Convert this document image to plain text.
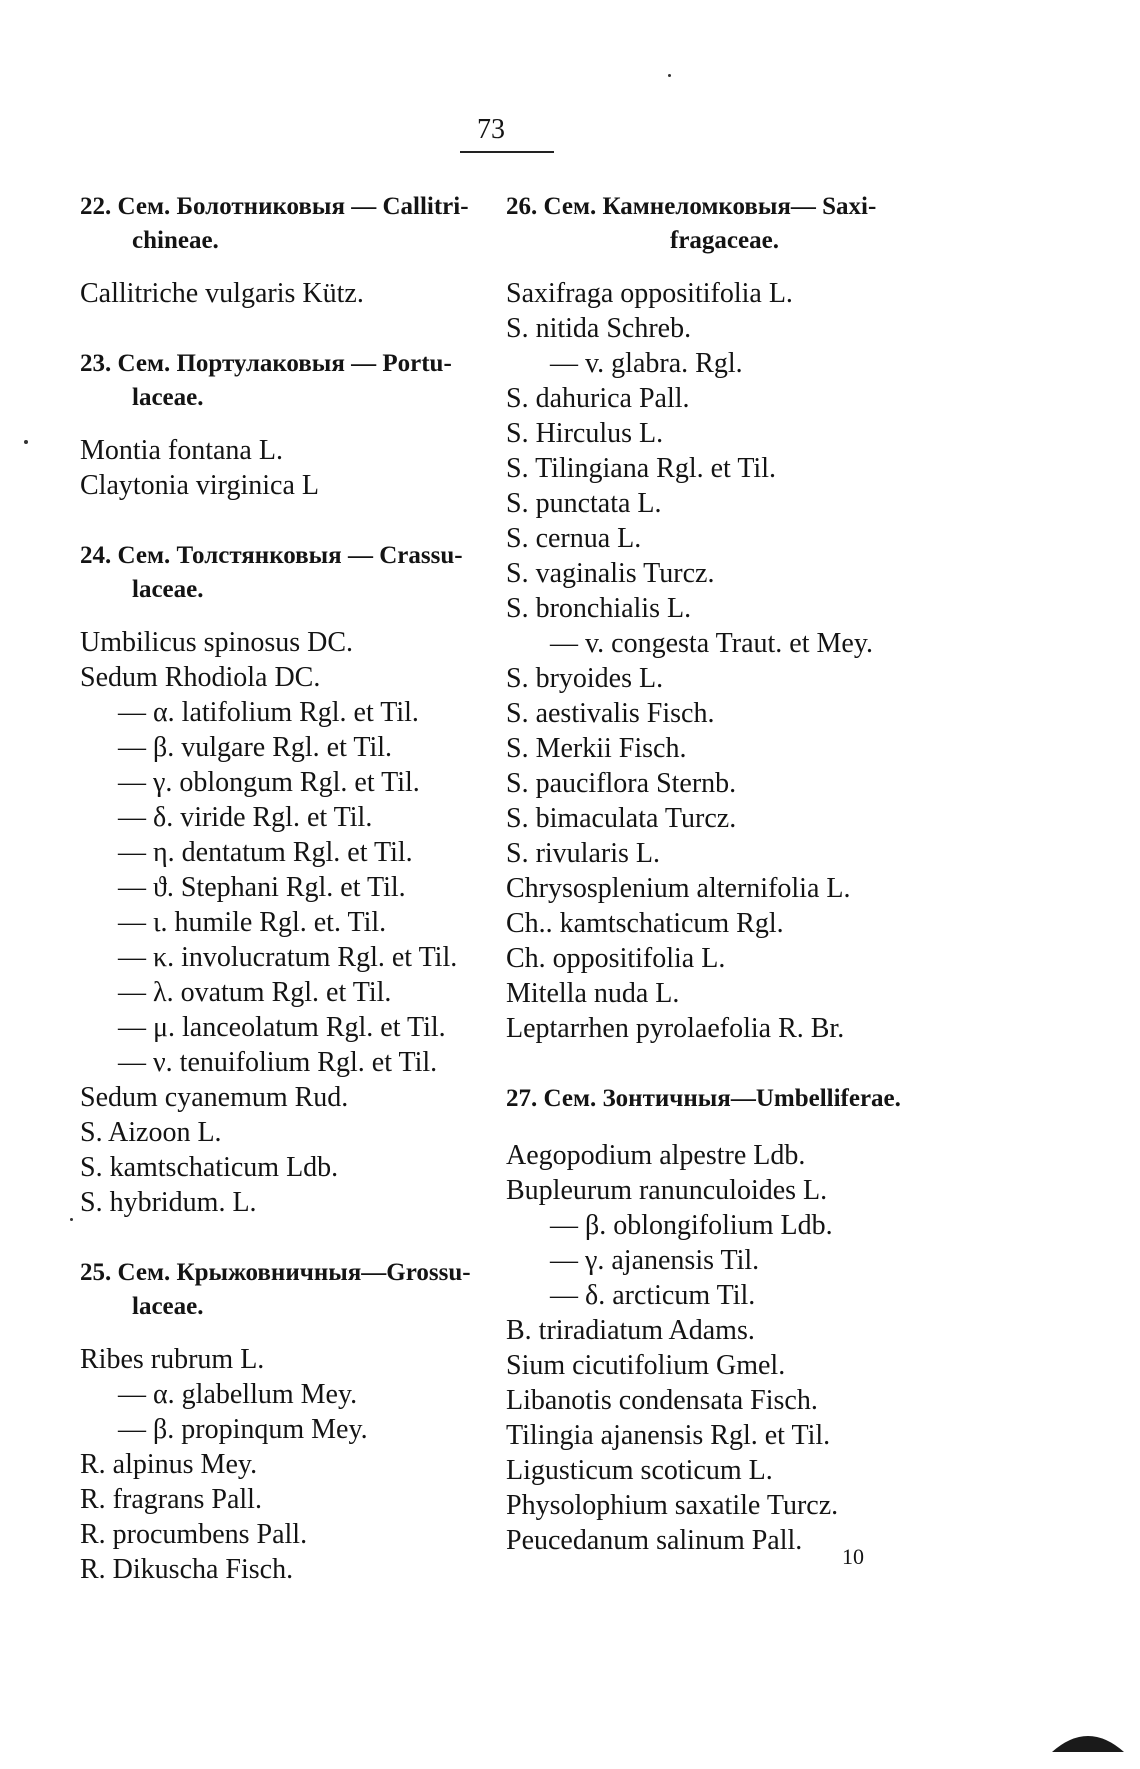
73

22. Сем. Болотниковыя — Callitri-
chineae.

Callitriche vulgaris Kütz.

23. Сем. Портулаковыя — Portu-
laceae.

Montia fontana L.
Claytonia virginica L

24. Сем. Толстянковыя — Crassu-
laceae.

Umbilicus spinosus DC.
Sedum Rhodiola DC.
— α. latifolium Rgl. et Til.
— β. vulgare Rgl. et Til.
— γ. oblongum Rgl. et Til.
— δ. viride Rgl. et Til.
— η. dentatum Rgl. et Til.
— ϑ. Stephani Rgl. et Til.
— ι. humile Rgl. et. Til.
— κ. involucratum Rgl. et Til.
— λ. ovatum Rgl. et Til.
— μ. lanceolatum Rgl. et Til.
— ν. tenuifolium Rgl. et Til.
Sedum cyanemum Rud.
S. Aizoon L.
S. kamtschaticum Ldb.
S. hybridum. L.

25. Сем. Крыжовничныя—Grossu-
laceae.

Ribes rubrum L.
— α. glabellum Mey.
— β. propinqum Mey.
R. alpinus Mey.
R. fragrans Pall.
R. procumbens Pall.
R. Dikuscha Fisch.

26. Сем. Камнеломковыя— Saxi-
fragaceae.

Saxifraga oppositifolia L.
S. nitida Schreb.
— v. glabra. Rgl.
S. dahurica Pall.
S. Hirculus L.
S. Tilingiana Rgl. et Til.
S. punctata L.
S. cernua L.
S. vaginalis Turcz.
S. bronchialis L.
— v. congesta Traut. et Mey.
S. bryoides L.
S. aestivalis Fisch.
S. Merkii Fisch.
S. pauciflora Sternb.
S. bimaculata Turcz.
S. rivularis L.
Chrysosplenium alternifolia L.
Ch.. kamtschaticum Rgl.
Ch. oppositifolia L.
Mitella nuda L.
Leptarrhen pyrolaefolia R. Br.

27. Сем. Зонтичныя—Umbelliferae.

Aegopodium alpestre Ldb.
Bupleurum ranunculoides L.
— β. oblongifolium Ldb.
— γ. ajanensis Til.
— δ. arcticum Til.
B. triradiatum Adams.
Sium cicutifolium Gmel.
Libanotis condensata Fisch.
Tilingia ajanensis Rgl. et Til.
Ligusticum scoticum L.
Physolophium saxatile Turcz.
Peucedanum salinum Pall.
10
